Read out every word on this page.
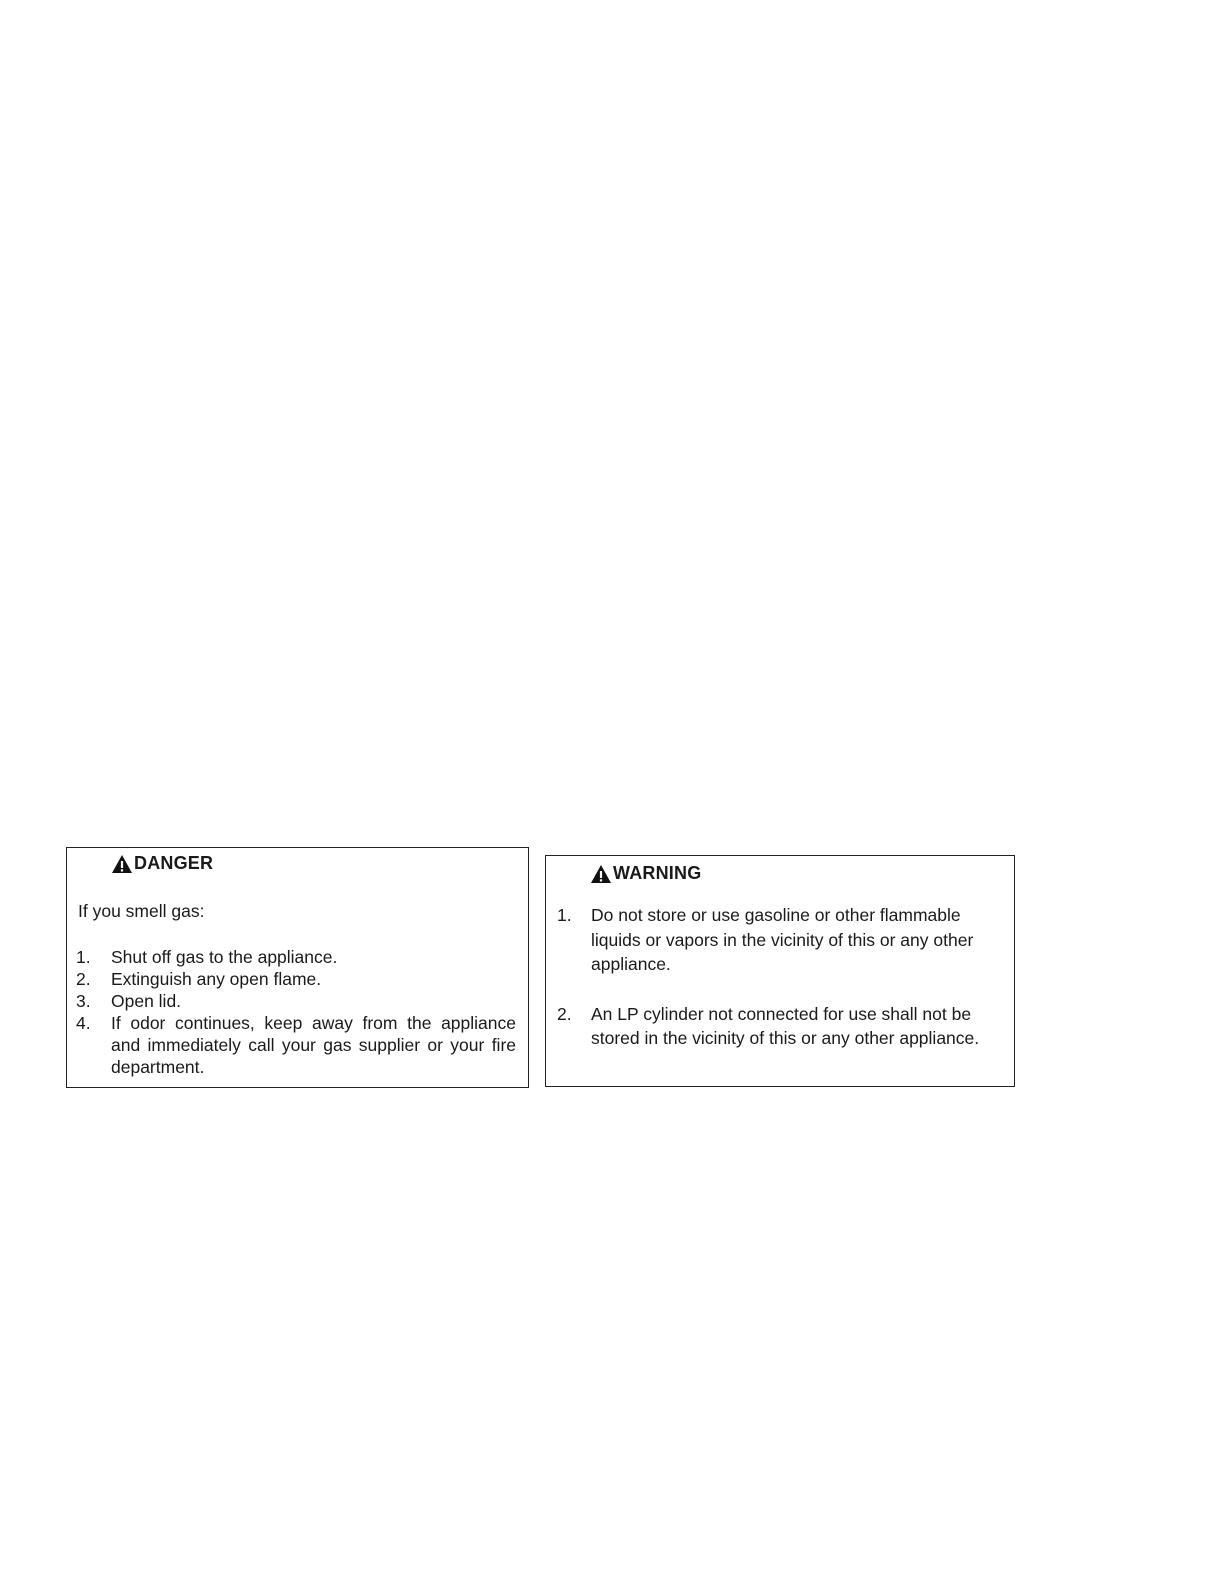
DANGER
If you smell gas:
1.	Shut off gas to the appliance.
2.	Extinguish any open flame.
3.	Open lid.
4.	If odor continues, keep away from the appliance and immediately call your gas supplier or your fire department.
WARNING
1.	Do not store or use gasoline or other flammable liquids or vapors in the vicinity of this or any other appliance.
2.	An LP cylinder not connected for use shall not be stored in the vicinity of this or any other appliance.
